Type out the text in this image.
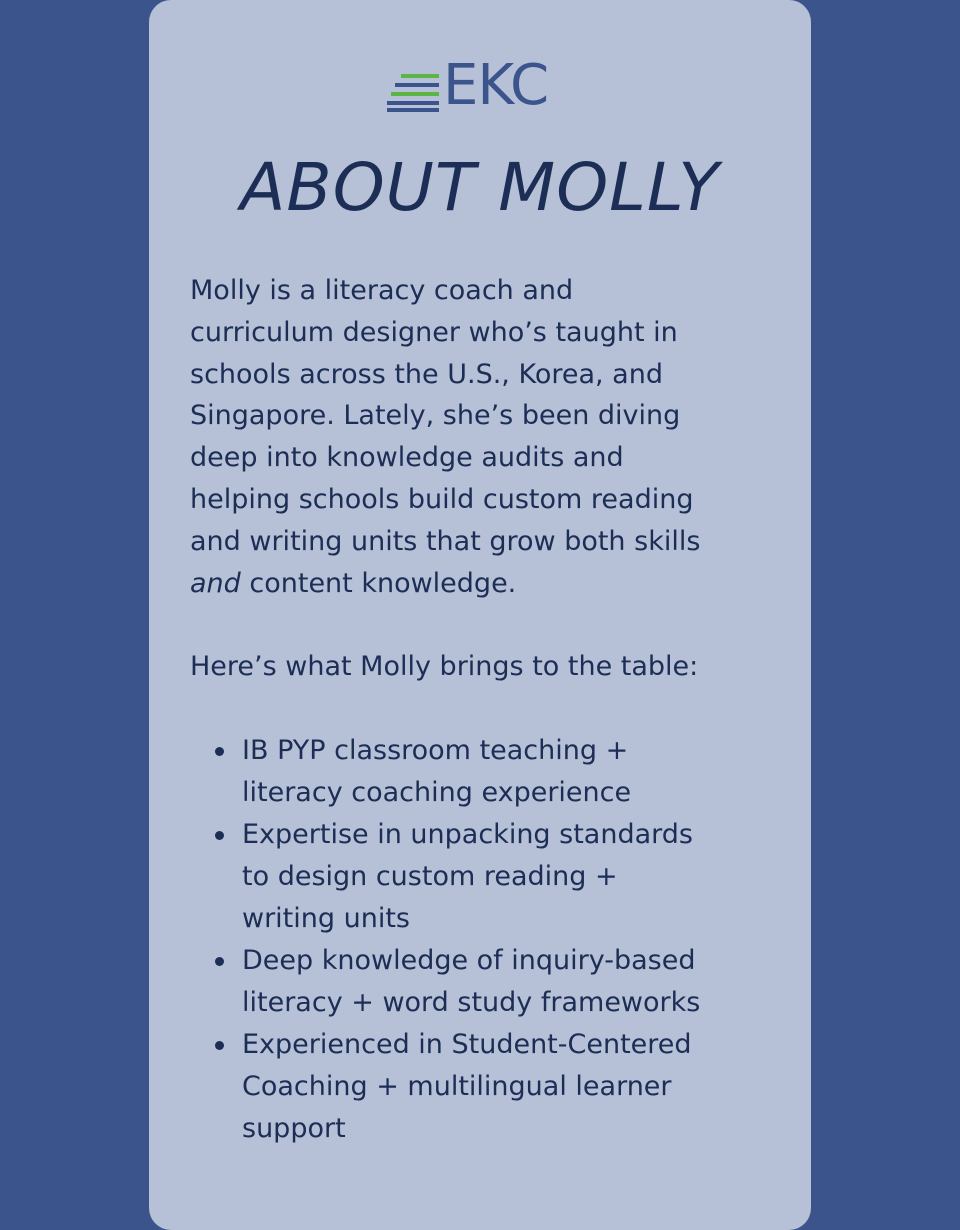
EKC
ABOUT MOLLY

Molly is a literacy coach and
curriculum designer who’s taught in
schools across the U.S., Korea, and
Singapore. Lately, she’s been diving
deep into knowledge audits and
helping schools build custom reading
and writing units that grow both skills
and content knowledge.

Here’s what Molly brings to the table:

IB PYP classroom teaching +
literacy coaching experience
Expertise in unpacking standards
to design custom reading +
writing units
Deep knowledge of inquiry-based
literacy + word study frameworks
Experienced in Student-Centered
Coaching + multilingual learner
support
